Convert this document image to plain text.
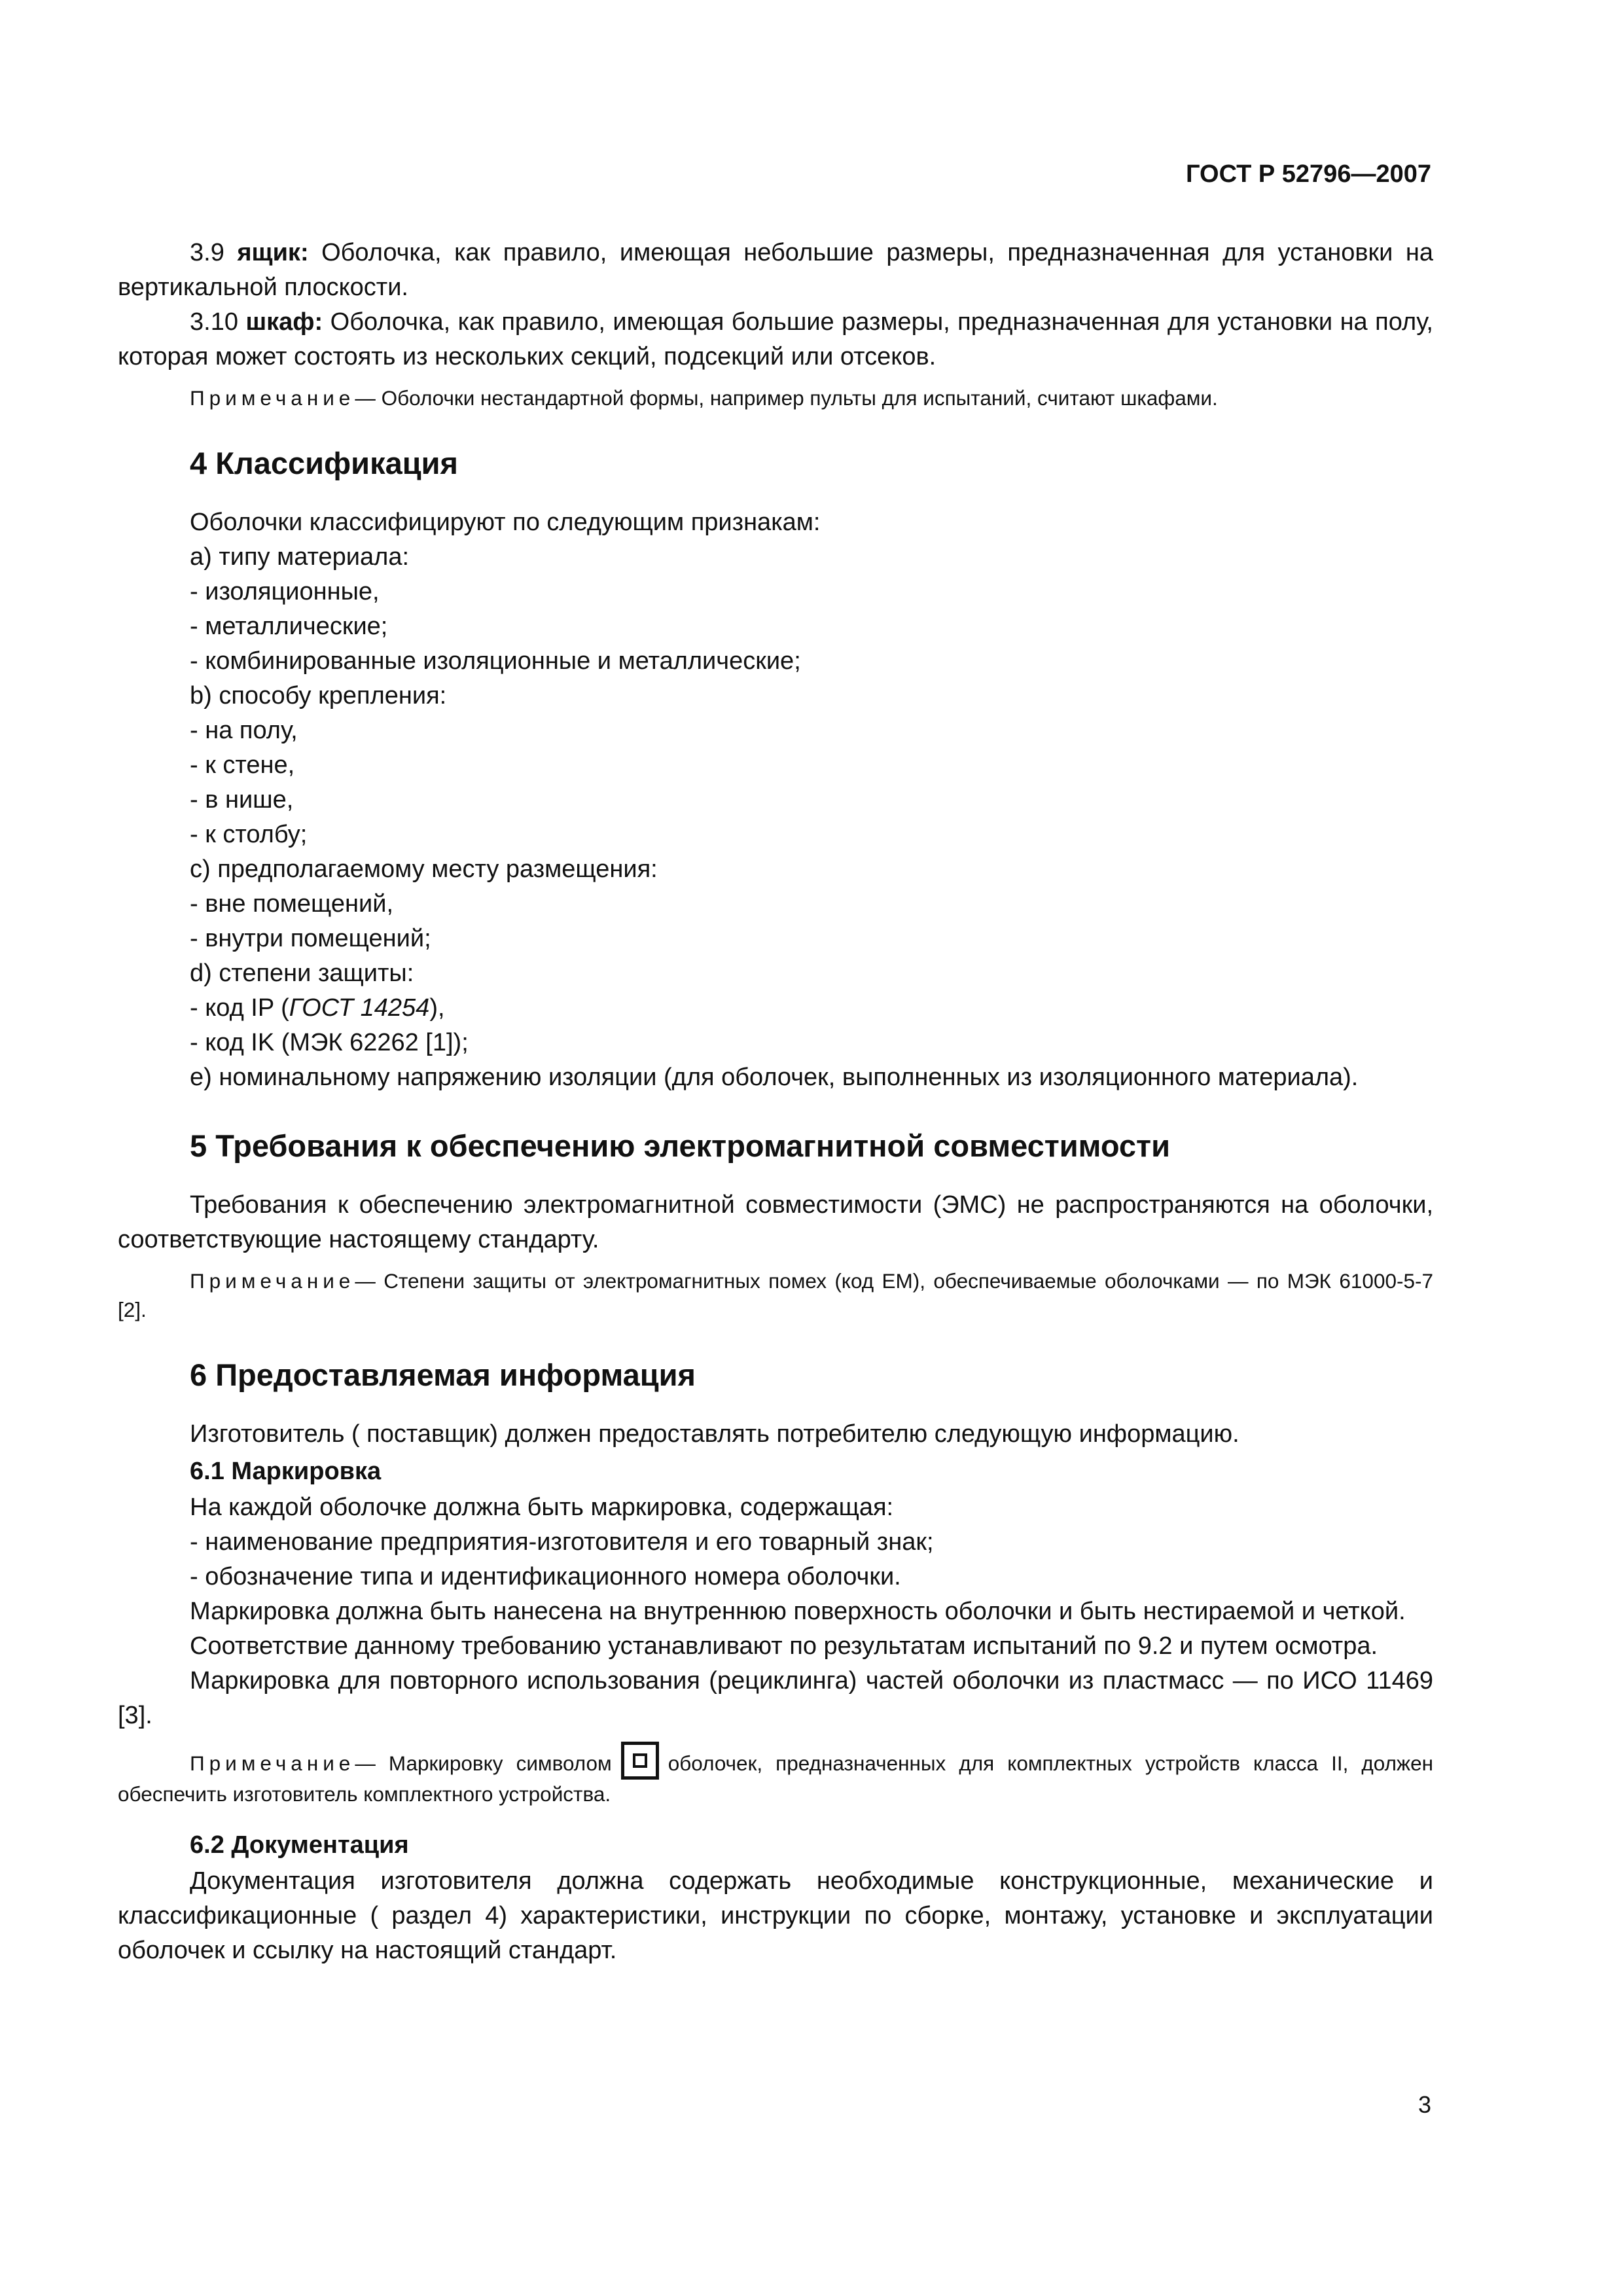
ГОСТ Р 52796—2007

3.9 ящик: Оболочка, как правило, имеющая небольшие размеры, предназначенная для установки на вертикальной плоскости.

3.10 шкаф: Оболочка, как правило, имеющая большие размеры, предназначенная для установки на полу, которая может состоять из нескольких секций, подсекций или отсеков.

Примечание— Оболочки нестандартной формы, например пульты для испытаний, считают шкафами.

4 Классификация

Оболочки классифицируют по следующим признакам:

a) типу материала:

- изоляционные,

- металлические;

- комбинированные изоляционные и металлические;

b) способу крепления:

- на полу,

- к стене,

- в нише,

- к столбу;

c) предполагаемому месту размещения:

- вне помещений,

- внутри помещений;

d) степени защиты:

- код IP (ГОСТ 14254),

- код IK (МЭК 62262 [1]);

e) номинальному напряжению изоляции (для оболочек, выполненных из изоляционного материала).

5 Требования к обеспечению электромагнитной совместимости

Требования к обеспечению электромагнитной совместимости (ЭМС) не распространяются на оболочки, соответствующие настоящему стандарту.

Примечание— Степени защиты от электромагнитных помех (код EM), обеспечиваемые оболочками — по МЭК 61000-5-7 [2].

6 Предоставляемая информация

Изготовитель ( поставщик) должен предоставлять потребителю следующую информацию.

6.1 Маркировка

На каждой оболочке должна быть маркировка, содержащая:

- наименование предприятия-изготовителя и его товарный знак;

- обозначение типа и идентификационного номера оболочки.

Маркировка должна быть нанесена на внутреннюю поверхность оболочки и быть нестираемой и четкой.

Соответствие данному требованию устанавливают по результатам испытаний по 9.2 и путем осмотра.

Маркировка для повторного использования (рециклинга) частей оболочки из пластмасс — по ИСО 11469 [3].

Примечание— Маркировку символом	оболочек, предназначенных для комплектных устройств класса II, должен обеспечить изготовитель комплектного устройства.

6.2 Документация

Документация изготовителя должна содержать необходимые конструкционные, механические и классификационные ( раздел 4) характеристики, инструкции по сборке, монтажу, установке и эксплуатации оболочек и ссылку на настоящий стандарт.

3
